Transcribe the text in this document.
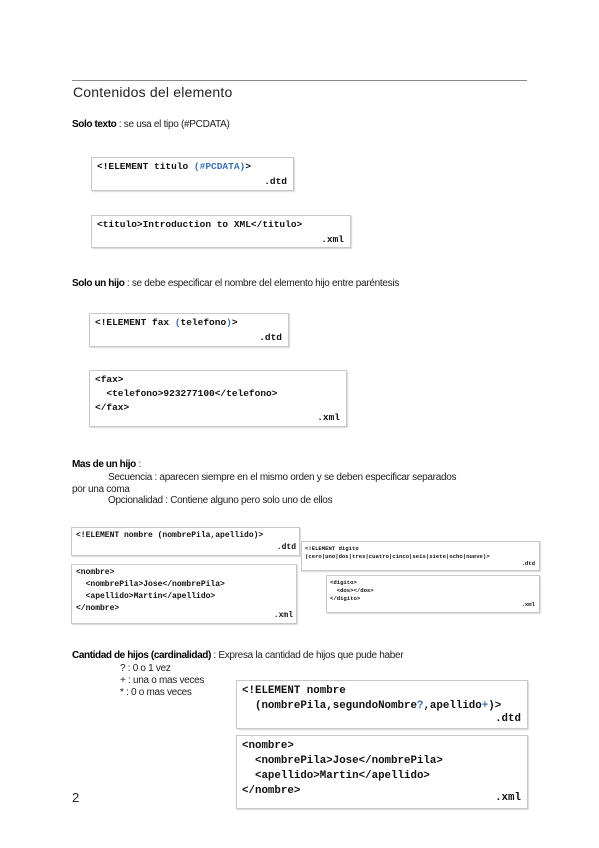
Contenidos del elemento
Solo texto : se usa el tipo (#PCDATA)
<!ELEMENT titulo (#PCDATA)>
.dtd
<titulo>Introduction to XML</titulo>
.xml
Solo un hijo : se debe especificar el nombre del elemento hijo entre paréntesis
<!ELEMENT fax (telefono)>
.dtd
<fax>
<telefono>923277100</telefono>
</fax>
.xml
Mas de un hijo :
Secuencia : aparecen siempre en el mismo orden y se deben especificar separados
por una coma
Opcionalidad : Contiene alguno pero solo uno de ellos
<!ELEMENT nombre (nombrePila,apellido)>
.dtd
<nombre>
<nombrePila>Jose</nombrePila>
<apellido>Martin</apellido>
</nombre>
.xml
<!ELEMENT digito
(cero|uno|dos|tres|cuatro|cinco|seis|siete|ocho|nueve)>
.dtd
<digito>
<dos></dos>
</digito>
.xml
Cantidad de hijos (cardinalidad) : Expresa la cantidad de hijos que pude haber
? : 0 o 1 vez
+ : una o mas veces
* : 0 o mas veces	<!ELEMENT nombre
(nombrePila,segundoNombre?,apellido+)>
.dtd
<nombre>
<nombrePila>Jose</nombrePila>
<apellido>Martin</apellido>
</nombre>
.xml
2
